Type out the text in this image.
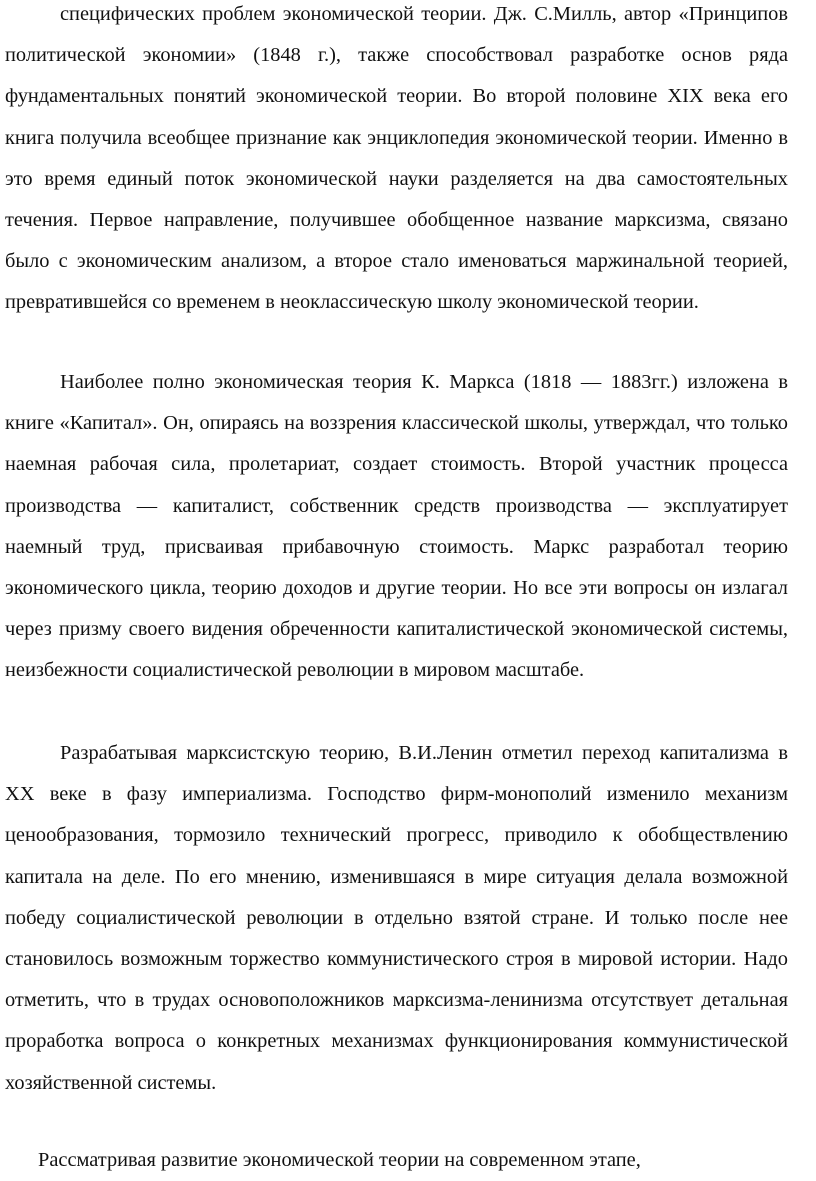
специфических проблем экономической теории. Дж. С.Милль, автор «Принципов политической экономии» (1848 г.), также способствовал разработке основ ряда фундаментальных понятий экономической теории. Во второй половине XIX века его книга получила всеобщее признание как энциклопедия экономической теории. Именно в это время единый поток экономической науки разделяется на два самостоятельных течения. Первое направление, получившее обобщенное название марксизма, связано было с экономическим анализом, а второе стало именоваться маржинальной теорией, превратившейся со временем в неоклассическую школу экономической теории.

Наиболее полно экономическая теория К. Маркса (1818 — 1883гг.) изложена в книге «Капитал». Он, опираясь на воззрения классической школы, утверждал, что только наемная рабочая сила, пролетариат, создает стоимость. Второй участник процесса производства — капиталист, собственник средств производства — эксплуатирует наемный труд, присваивая прибавочную стоимость. Маркс разработал теорию экономического цикла, теорию доходов и другие теории. Но все эти вопросы он излагал через призму своего видения обреченности капиталистической экономической системы, неизбежности социалистической революции в мировом масштабе.

Разрабатывая марксистскую теорию, В.И.Ленин отметил переход капитализма в XX веке в фазу империализма. Господство фирм-монополий изменило механизм ценообразования, тормозило технический прогресс, приводило к обобществлению капитала на деле. По его мнению, изменившаяся в мире ситуация делала возможной победу социалистической революции в отдельно взятой стране. И только после нее становилось возможным торжество коммунистического строя в мировой истории. Надо отметить, что в трудах основоположников марксизма-ленинизма отсутствует детальная проработка вопроса о конкретных механизмах функционирования коммунистической хозяйственной системы.

Рассматривая развитие экономической теории на современном этапе,
